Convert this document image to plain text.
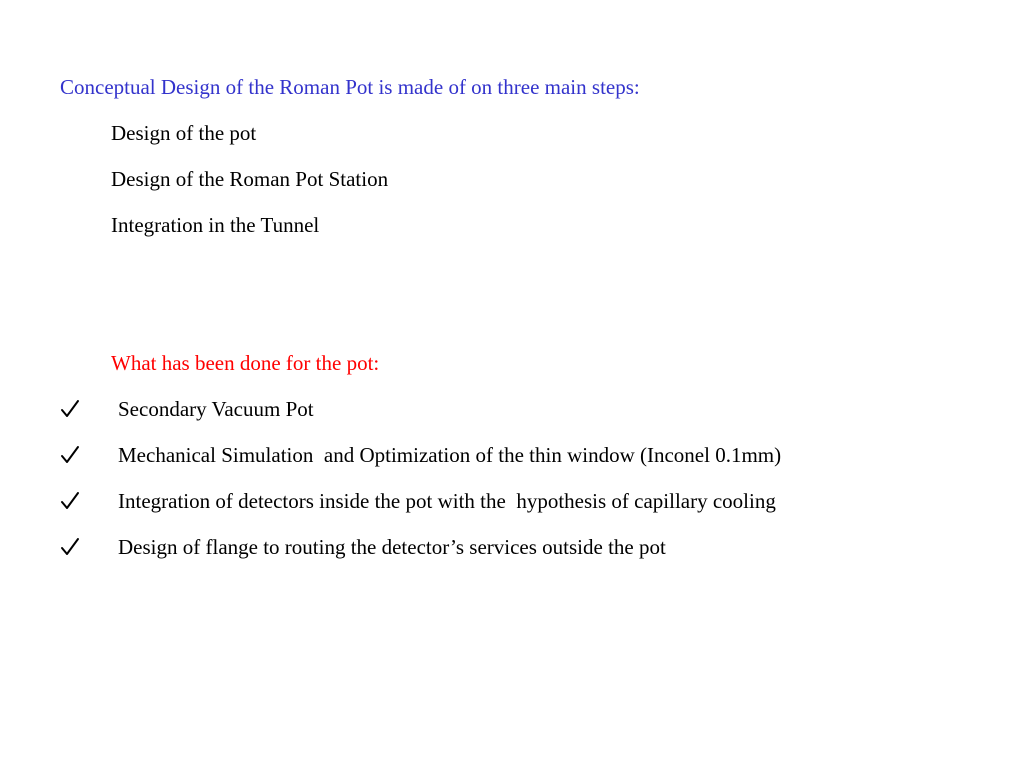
Conceptual Design of the Roman Pot is made of on three main steps:
Design of the pot
Design of the Roman Pot Station
Integration in the Tunnel
What has been done for the pot:
Secondary Vacuum Pot
Mechanical Simulation  and Optimization of the thin window (Inconel 0.1mm)
Integration of detectors inside the pot with the  hypothesis of capillary cooling
Design of flange to routing the detector’s services outside the pot
